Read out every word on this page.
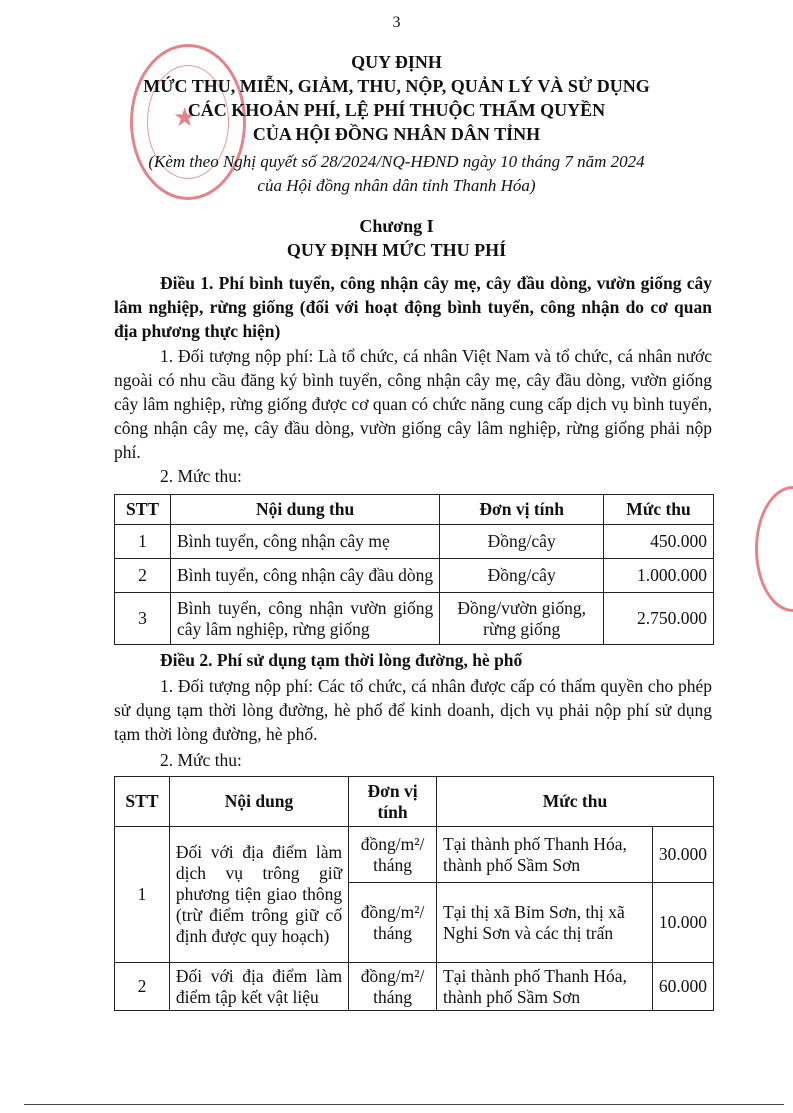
3
★
QUY ĐỊNH
MỨC THU, MIỄN, GIẢM, THU, NỘP, QUẢN LÝ VÀ SỬ DỤNG
CÁC KHOẢN PHÍ, LỆ PHÍ THUỘC THẨM QUYỀN
CỦA HỘI ĐỒNG NHÂN DÂN TỈNH
(Kèm theo Nghị quyết số 28/2024/NQ-HĐND ngày 10 tháng 7 năm 2024
của Hội đồng nhân dân tỉnh Thanh Hóa)
Chương I
QUY ĐỊNH MỨC THU PHÍ
Điều 1. Phí bình tuyển, công nhận cây mẹ, cây đầu dòng, vườn giống cây lâm nghiệp, rừng giống (đối với hoạt động bình tuyển, công nhận do cơ quan địa phương thực hiện)
1. Đối tượng nộp phí: Là tổ chức, cá nhân Việt Nam và tổ chức, cá nhân nước ngoài có nhu cầu đăng ký bình tuyển, công nhận cây mẹ, cây đầu dòng, vườn giống cây lâm nghiệp, rừng giống được cơ quan có chức năng cung cấp dịch vụ bình tuyển, công nhận cây mẹ, cây đầu dòng, vườn giống cây lâm nghiệp, rừng giống phải nộp phí.
2. Mức thu:
STT	Nội dung thu	Đơn vị tính	Mức thu
1	Bình tuyển, công nhận cây mẹ	Đồng/cây	450.000
2	Bình tuyển, công nhận cây đầu dòng	Đồng/cây	1.000.000
3	Bình tuyển, công nhận vườn giống cây lâm nghiệp, rừng giống	Đồng/vườn giống, rừng giống	2.750.000
Điều 2. Phí sử dụng tạm thời lòng đường, hè phố
1. Đối tượng nộp phí: Các tổ chức, cá nhân được cấp có thẩm quyền cho phép sử dụng tạm thời lòng đường, hè phố để kinh doanh, dịch vụ phải nộp phí sử dụng tạm thời lòng đường, hè phố.
2. Mức thu:
STT	Nội dung	Đơn vị tính	Mức thu	
1	Đối với địa điểm làm dịch vụ trông giữ phương tiện giao thông (trừ điểm trông giữ cố định được quy hoạch)	đồng/m²/ tháng	Tại thành phố Thanh Hóa, thành phố Sầm Sơn	30.000
		đồng/m²/ tháng	Tại thị xã Bỉm Sơn, thị xã Nghi Sơn và các thị trấn	10.000
2	Đối với địa điểm làm điểm tập kết vật liệu	đồng/m²/ tháng	Tại thành phố Thanh Hóa, thành phố Sầm Sơn	60.000
